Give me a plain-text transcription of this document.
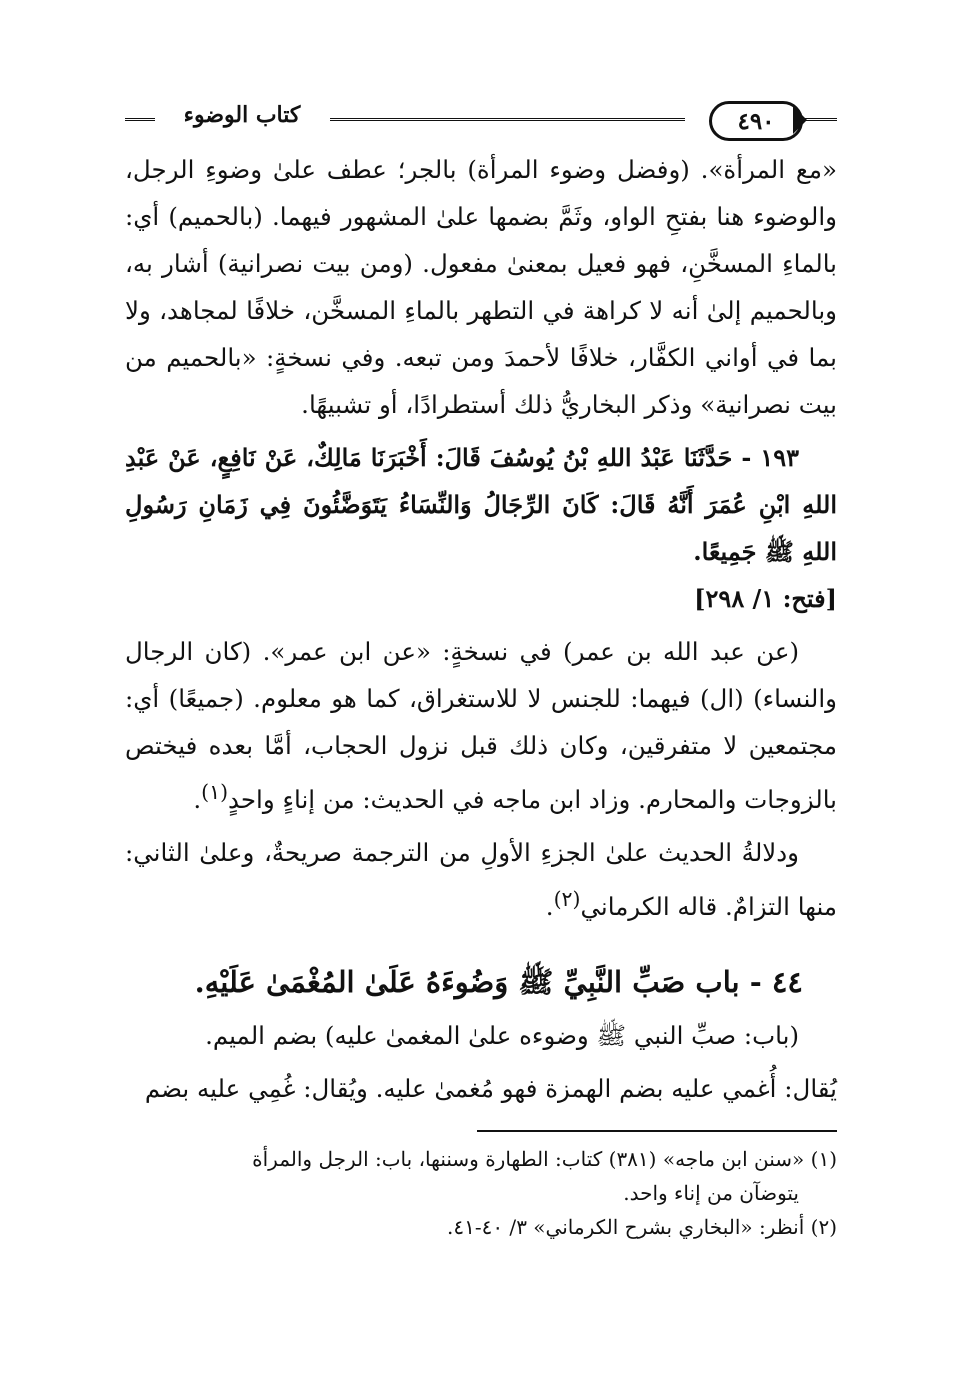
كتاب الوضوء	٤٩٠

«مع المرأة». (وفضل وضوء المرأة) بالجر؛ عطف علىٰ وضوءِ الرجل، والوضوء هنا بفتحِ الواو، وثَمَّ بضمها علىٰ المشهور فيهما. (بالحميم) أي: بالماءِ المسخَّنِ، فهو فعيل بمعنىٰ مفعول. (ومن بيت نصرانية) أشار به، وبالحميم إلىٰ أنه لا كراهة في التطهر بالماءِ المسخَّن، خلافًا لمجاهد، ولا بما في أواني الكفَّار، خلافًا لأحمدَ ومن تبعه. وفي نسخةٍ: «بالحميم من بيت نصرانية» وذكر البخاريُّ ذلك أستطرادًا، أو تشبيهًا.

١٩٣ - حَدَّثَنَا عَبْدُ اللهِ بْنُ يُوسُفَ قَالَ: أَخْبَرَنَا مَالِكٌ، عَنْ نَافِعٍ، عَنْ عَبْدِ اللهِ ابْنِ عُمَرَ أَنَّهُ قَالَ: كَانَ الرِّجَالُ وَالنِّسَاءُ يَتَوَضَّئُونَ فِي زَمَانِ رَسُولِ اللهِ ﷺ جَمِيعًا.
[فتح: ١/ ٢٩٨]

(عن عبد الله بن عمر) في نسخةٍ: «عن ابن عمر». (كان الرجال والنساء) (ال) فيهما: للجنس لا للاستغراق، كما هو معلوم. (جميعًا) أي: مجتمعين لا متفرقين، وكان ذلك قبل نزول الحجاب، أمَّا بعده فيختص بالزوجات والمحارم. وزاد ابن ماجه في الحديث: من إناءٍ واحدٍ$^{(١)}$.

ودلالةُ الحديث علىٰ الجزءِ الأولِ من الترجمة صريحةٌ، وعلىٰ الثاني: منها التزامٌ. قاله الكرماني$^{(٢)}$.

٤٤ - باب صَبِّ النَّبِيِّ ﷺ وَضُوءَهُ عَلَىٰ المُغْمَىٰ عَلَيْهِ.

(باب: صبِّ النبي ﷺ وضوءه علىٰ المغمىٰ عليه) بضم الميم.

يُقال: أُغمي عليه بضم الهمزة فهو مُغمىٰ عليه. ويُقال: غُمِي عليه بضم

(١) «سنن ابن ماجه» (٣٨١) كتاب: الطهارة وسننها، باب: الرجل والمرأة

يتوضآن من إناء واحد.

(٢) أنظر: «البخاري بشرح الكرماني» ٣/ ٤٠-٤١.
